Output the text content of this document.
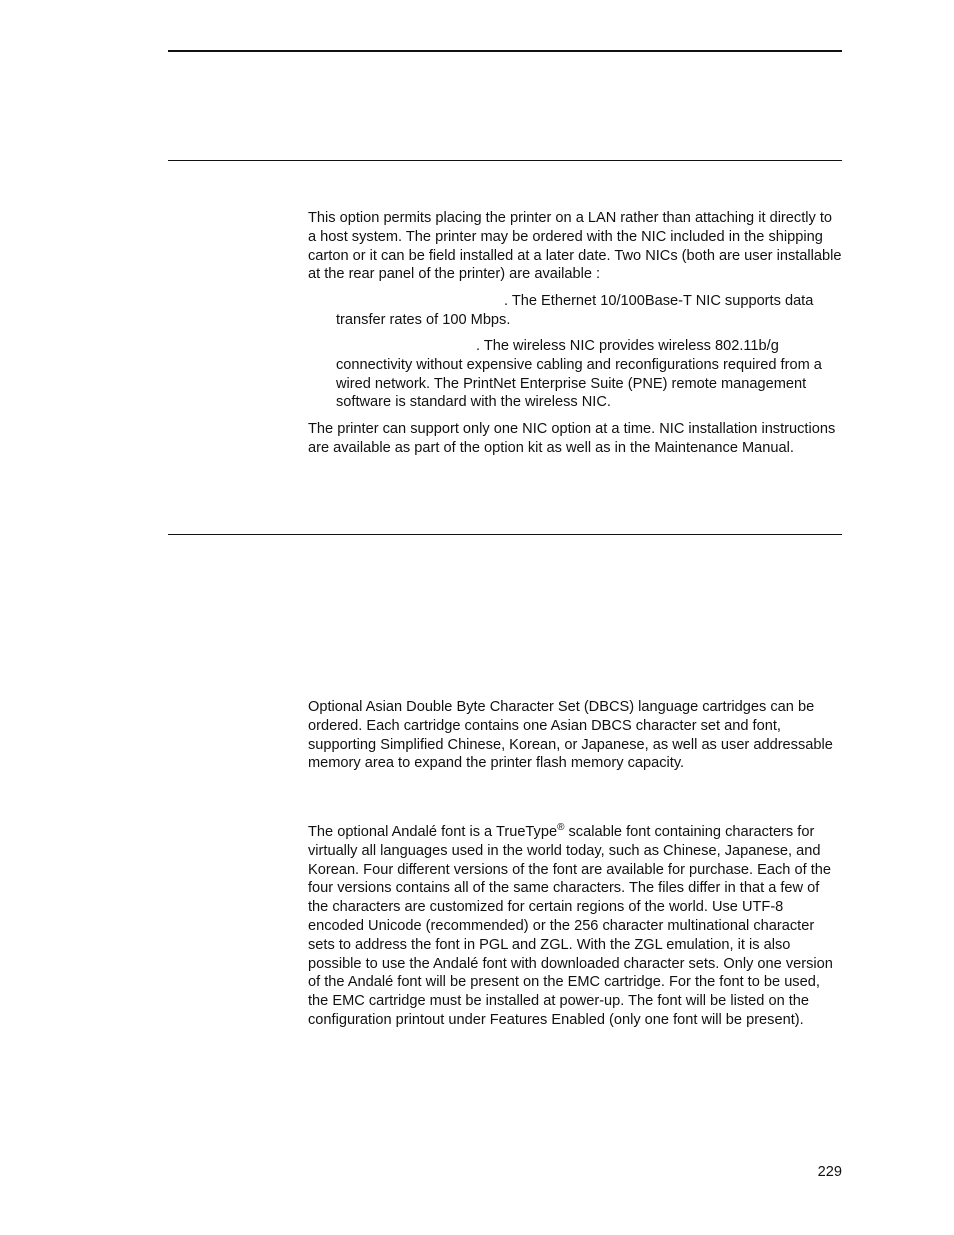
This option permits placing the printer on a LAN rather than attaching it directly to a host system. The printer may be ordered with the NIC included in the shipping carton or it can be field installed at a later date. Two NICs (both are user installable at the rear panel of the printer) are available :

. The Ethernet 10/100Base-T NIC supports data transfer rates of 100 Mbps.

. The wireless NIC provides wireless 802.11b/g connectivity without expensive cabling and reconfigurations required from a wired network. The PrintNet Enterprise Suite (PNE) remote management software is standard with the wireless NIC.

The printer can support only one NIC option at a time. NIC installation instructions are available as part of the option kit as well as in the Maintenance Manual.

Optional Asian Double Byte Character Set (DBCS) language cartridges can be ordered. Each cartridge contains one Asian DBCS character set and font, supporting Simplified Chinese, Korean, or Japanese, as well as user addressable memory area to expand the printer flash memory capacity.

The optional Andalé font is a TrueType® scalable font containing characters for virtually all languages used in the world today, such as Chinese, Japanese, and Korean. Four different versions of the font are available for purchase. Each of the four versions contains all of the same characters. The files differ in that a few of the characters are customized for certain regions of the world. Use UTF-8 encoded Unicode (recommended) or the 256 character multinational character sets to address the font in PGL and ZGL. With the ZGL emulation, it is also possible to use the Andalé font with downloaded character sets. Only one version of the Andalé font will be present on the EMC cartridge. For the font to be used, the EMC cartridge must be installed at power-up. The font will be listed on the configuration printout under Features Enabled (only one font will be present).

229
